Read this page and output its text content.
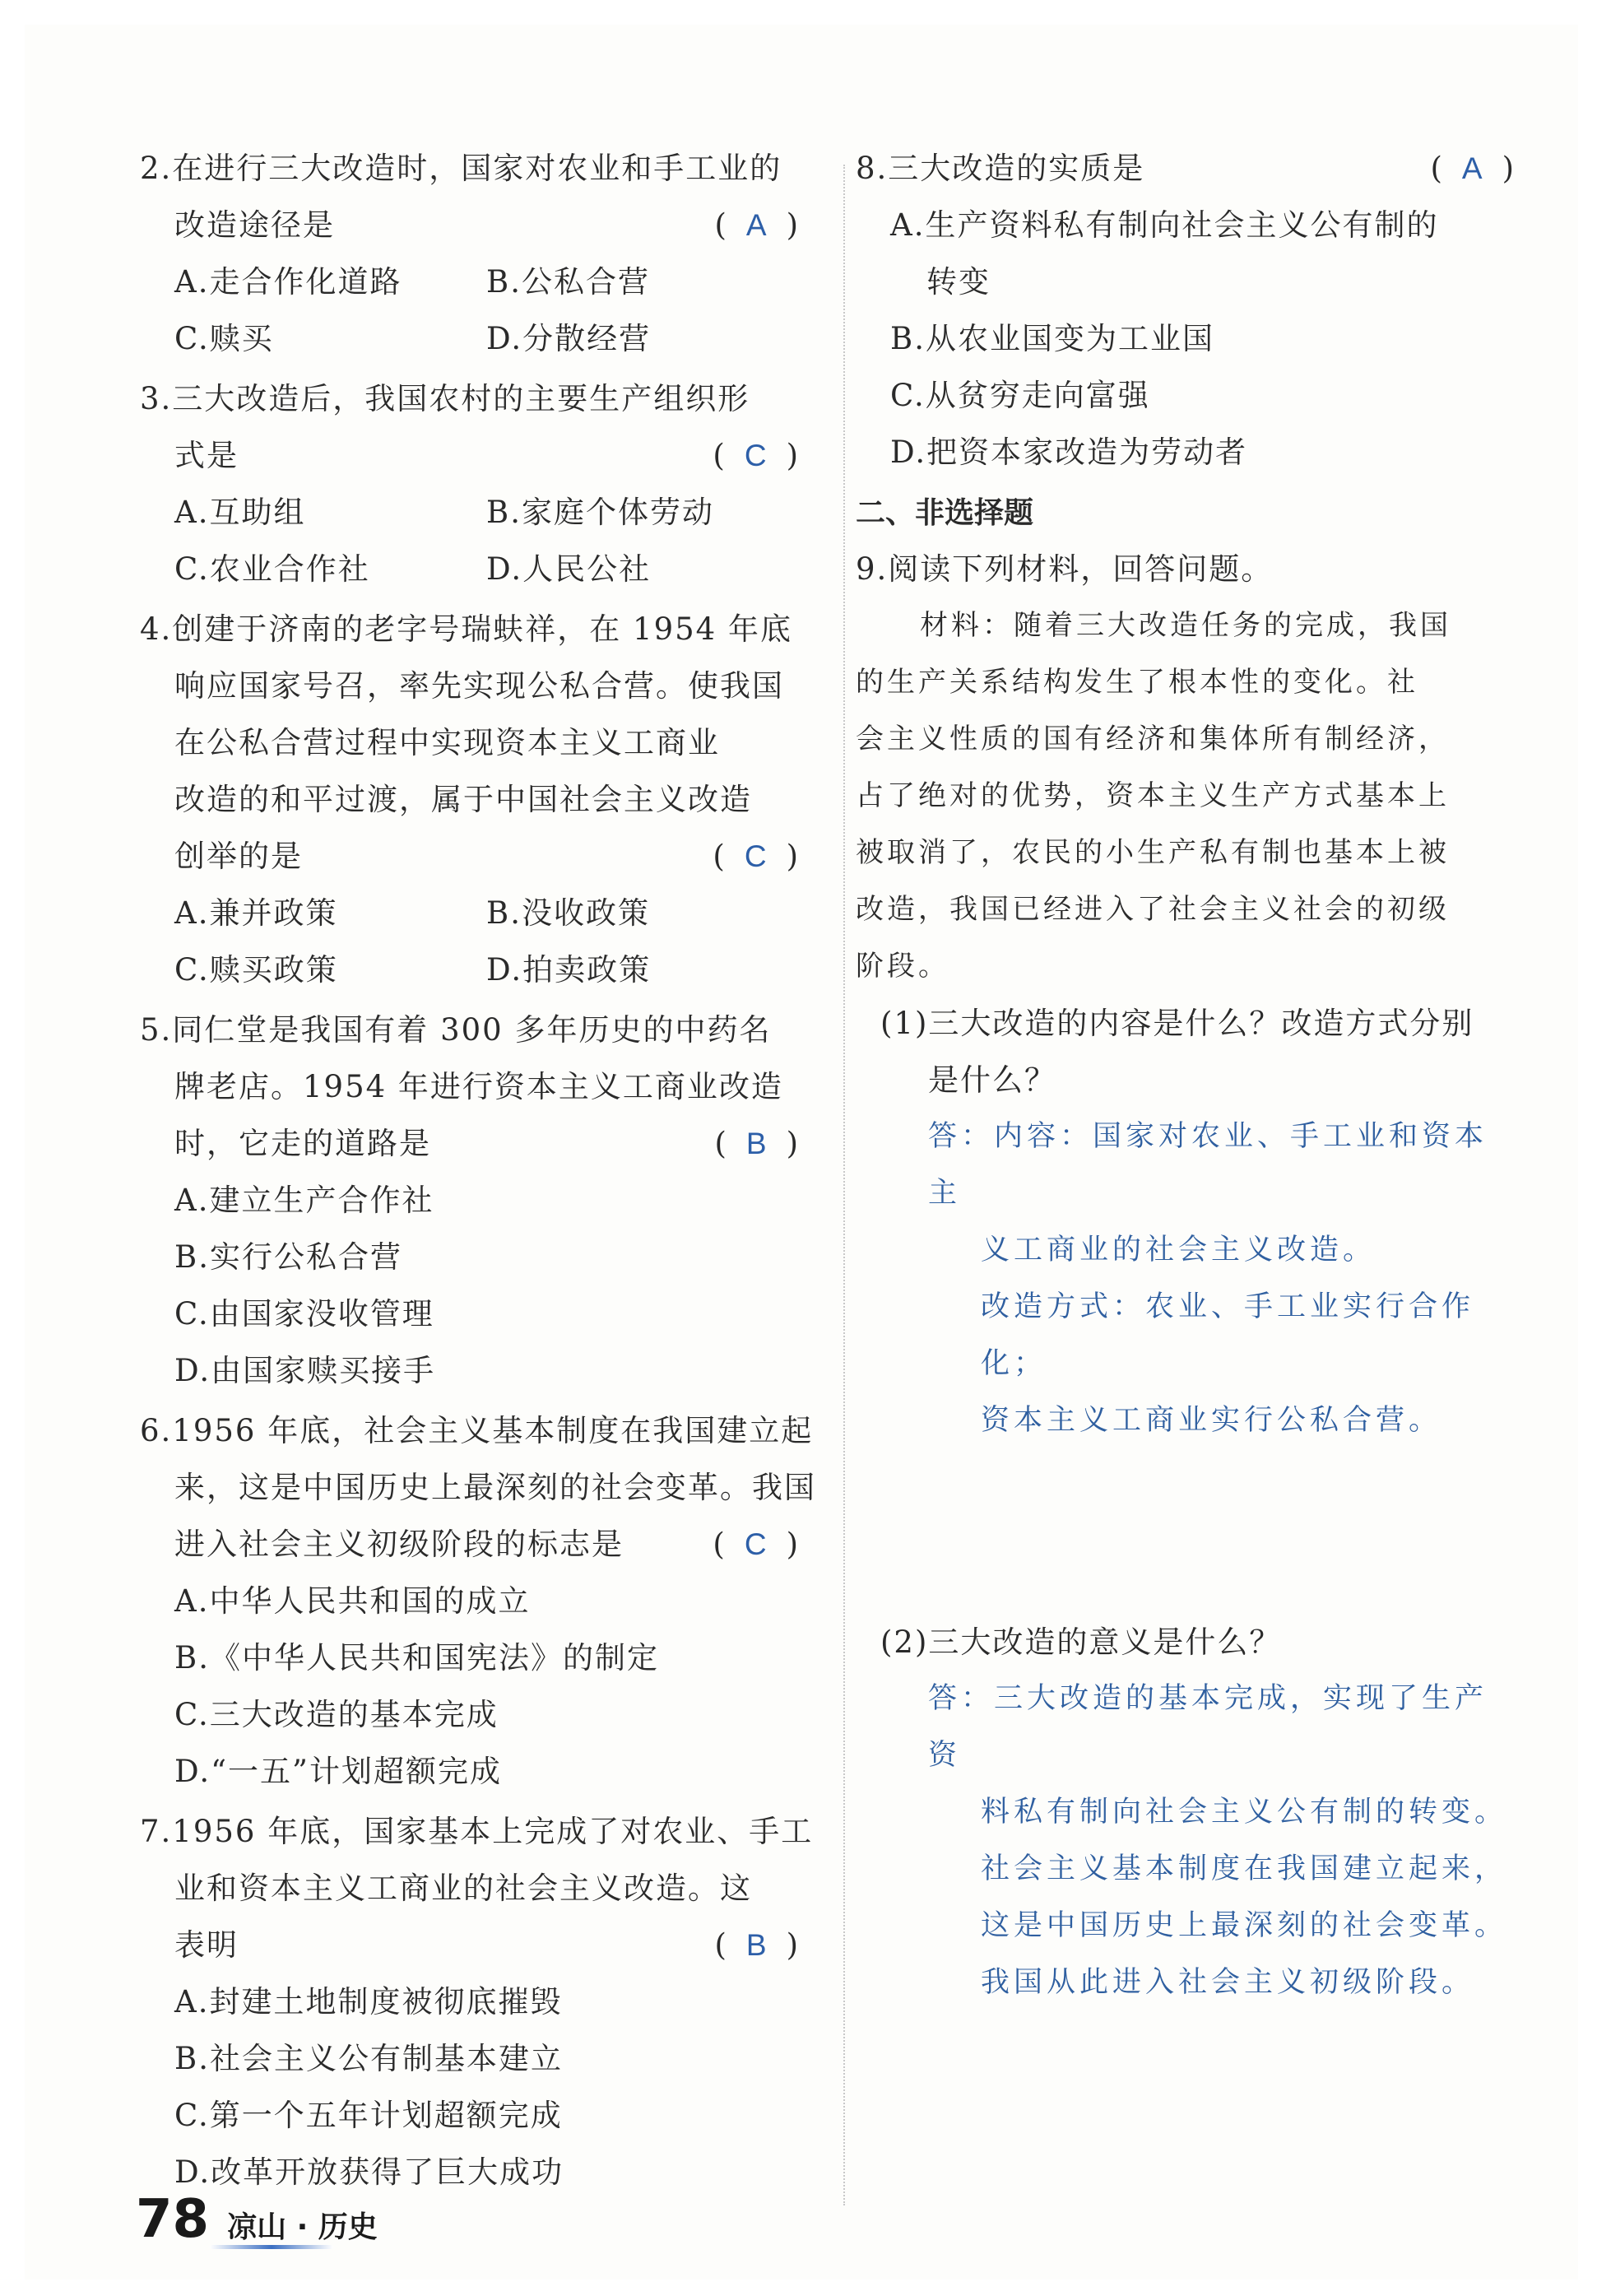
2.在进行三大改造时，国家对农业和手工业的
改造途径是	( A )
A.走合作化道路	B.公私合营
C.赎买	D.分散经营
3.三大改造后，我国农村的主要生产组织形
式是	( C )
A.互助组	B.家庭个体劳动
C.农业合作社	D.人民公社
4.创建于济南的老字号瑞蚨祥，在 1954 年底
响应国家号召，率先实现公私合营。使我国
在公私合营过程中实现资本主义工商业
改造的和平过渡，属于中国社会主义改造
创举的是	( C )
A.兼并政策	B.没收政策
C.赎买政策	D.拍卖政策
5.同仁堂是我国有着 300 多年历史的中药名
牌老店。1954 年进行资本主义工商业改造
时，它走的道路是	( B )
A.建立生产合作社
B.实行公私合营
C.由国家没收管理
D.由国家赎买接手
6.1956 年底，社会主义基本制度在我国建立起
来，这是中国历史上最深刻的社会变革。我国
进入社会主义初级阶段的标志是	( C )
A.中华人民共和国的成立
B.《中华人民共和国宪法》的制定
C.三大改造的基本完成
D.“一五”计划超额完成
7.1956 年底，国家基本上完成了对农业、手工
业和资本主义工商业的社会主义改造。这
表明	( B )
A.封建土地制度被彻底摧毁
B.社会主义公有制基本建立
C.第一个五年计划超额完成
D.改革开放获得了巨大成功
8.三大改造的实质是	( A )
A.生产资料私有制向社会主义公有制的
转变
B.从农业国变为工业国
C.从贫穷走向富强
D.把资本家改造为劳动者
二、非选择题
9.阅读下列材料，回答问题。
材料：随着三大改造任务的完成，我国
的生产关系结构发生了根本性的变化。社
会主义性质的国有经济和集体所有制经济，
占了绝对的优势，资本主义生产方式基本上
被取消了，农民的小生产私有制也基本上被
改造，我国已经进入了社会主义社会的初级
阶段。
(1)三大改造的内容是什么？改造方式分别
是什么？
答：内容：国家对农业、手工业和资本主
义工商业的社会主义改造。
改造方式：农业、手工业实行合作化；
资本主义工商业实行公私合营。
(2)三大改造的意义是什么？
答：三大改造的基本完成，实现了生产资
料私有制向社会主义公有制的转变。
社会主义基本制度在我国建立起来，
这是中国历史上最深刻的社会变革。
我国从此进入社会主义初级阶段。
78 凉山 · 历史
